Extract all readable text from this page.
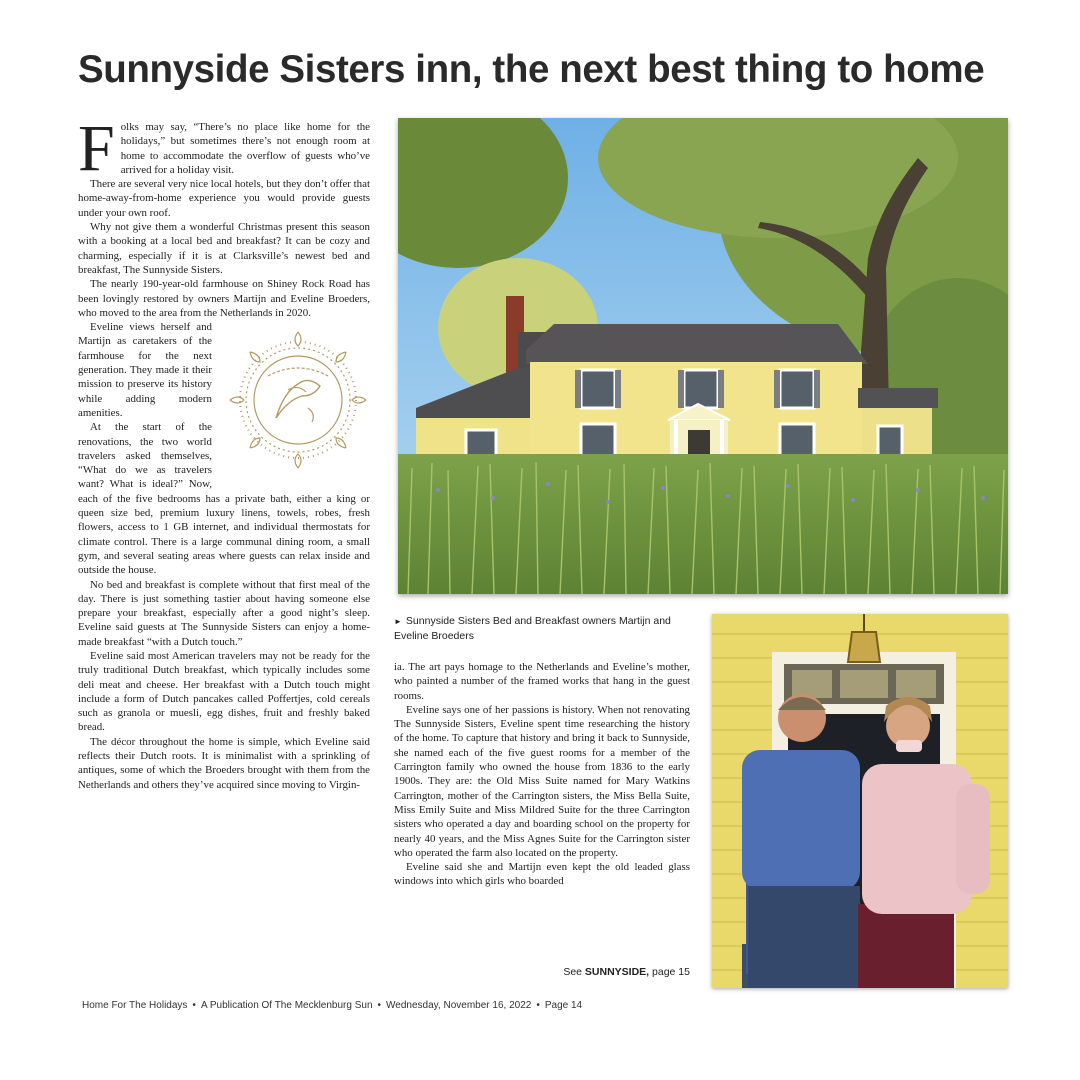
Sunnyside Sisters inn, the next best thing to home
F olks may say, “There’s no place like home for the holidays,” but sometimes there’s not enough room at home to accommodate the overflow of guests who’ve arrived for a holiday visit.

There are several very nice local hotels, but they don’t offer that home-away-from-home experience you would provide guests under your own roof.

Why not give them a wonderful Christmas present this season with a booking at a local bed and breakfast? It can be cozy and charming, especially if it is at Clarksville’s newest bed and breakfast, The Sunnyside Sisters.

The nearly 190-year-old farmhouse on Shiney Rock Road has been lovingly restored by owners Martijn and Eveline Broeders, who moved to the area from the Netherlands in 2020.

Eveline views herself and Martijn as caretakers of the farmhouse for the next generation. They made it their mission to preserve its history while adding modern amenities.

At the start of the renovations, the two world travelers asked themselves, “What do we as travelers want? What is ideal?” Now, each of the five bedrooms has a private bath, either a king or queen size bed, premium luxury linens, towels, robes, fresh flowers, access to 1 GB internet, and individual thermostats for climate control. There is a large communal dining room, a small gym, and several seating areas where guests can relax inside and outside the house.

No bed and breakfast is complete without that first meal of the day. There is just something tastier about having someone else prepare your breakfast, especially after a good night’s sleep. Eveline said guests at The Sunnyside Sisters can enjoy a home-made breakfast “with a Dutch touch.”

Eveline said most American travelers may not be ready for the truly traditional Dutch breakfast, which typically includes some deli meat and cheese. Her breakfast with a Dutch touch might include a form of Dutch pancakes called Poffertjes, cold cereals such as granola or muesli, egg dishes, fruit and freshly baked bread.

The décor throughout the home is simple, which Eveline said reflects their Dutch roots. It is minimalist with a sprinkling of antiques, some of which the Broeders brought with them from the Netherlands and others they’ve acquired since moving to Virgin-

► Sunnyside Sisters Bed and Breakfast owners Martijn and Eveline Broeders

ia. The art pays homage to the Netherlands and Eveline’s mother, who painted a number of the framed works that hang in the guest rooms.

Eveline says one of her passions is history. When not renovating The Sunnyside Sisters, Eveline spent time researching the history of the home. To capture that history and bring it back to Sunnyside, she named each of the five guest rooms for a member of the Carrington family who owned the house from 1836 to the early 1900s. They are: the Old Miss Suite named for Mary Watkins Carrington, mother of the Carrington sisters, the Miss Bella Suite, Miss Emily Suite and Miss Mildred Suite for the three Carrington sisters who operated a day and boarding school on the property for nearly 40 years, and the Miss Agnes Suite for the Carrington sister who operated the farm also located on the property.

Eveline said she and Martijn even kept the old leaded glass windows into which girls who boarded

See SUNNYSIDE, page 15
Home For The Holidays • A Publication Of The Mecklenburg Sun • Wednesday, November 16, 2022 • Page 14
